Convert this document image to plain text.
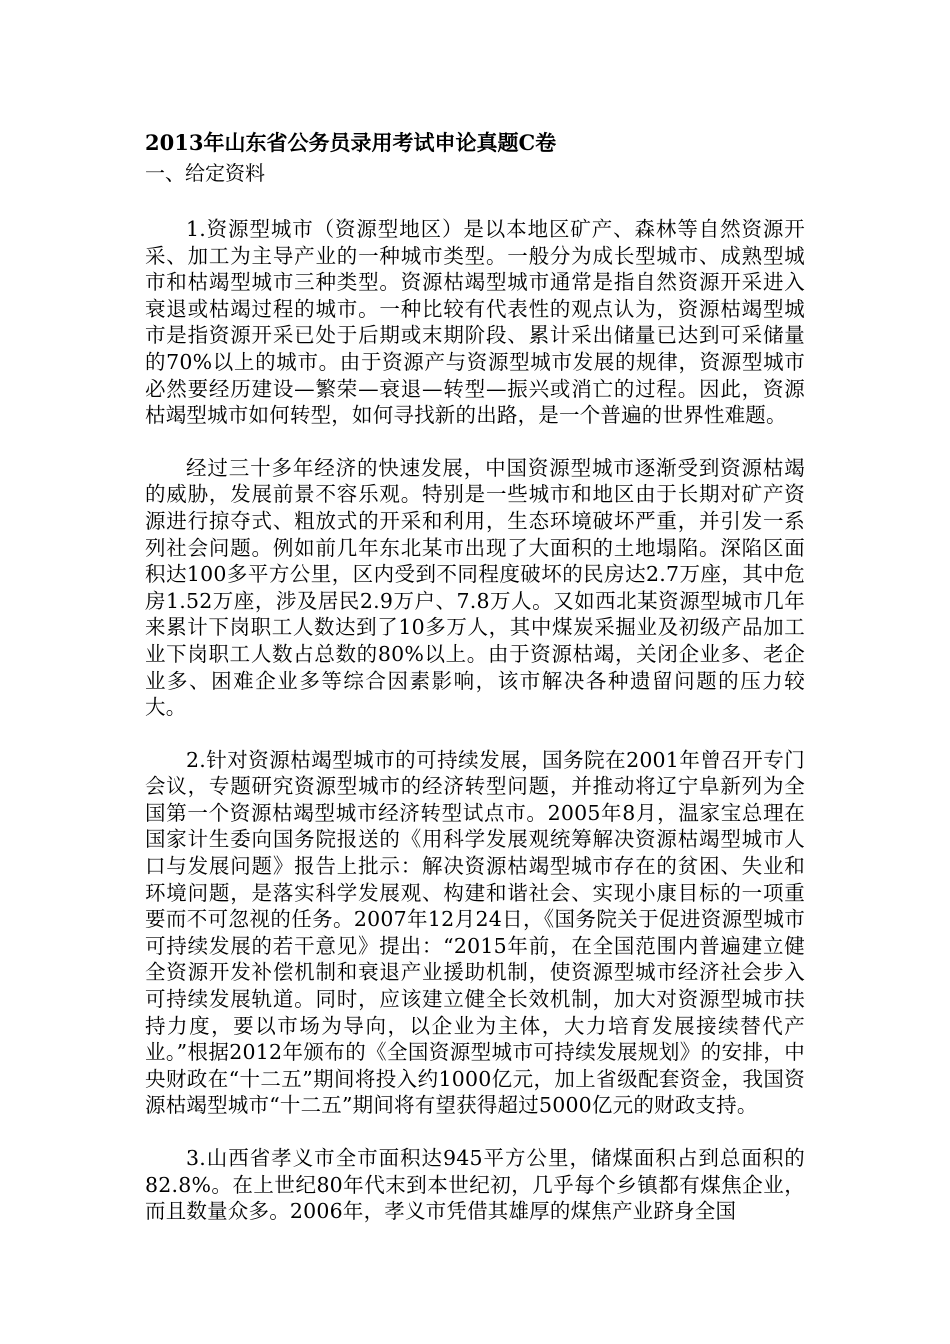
2013年山东省公务员录用考试申论真题C卷
一、给定资料

1.资源型城市（资源型地区）是以本地区矿产、森林等自然资源开采、加工为主导产业的一种城市类型。一般分为成长型城市、成熟型城市和枯竭型城市三种类型。资源枯竭型城市通常是指自然资源开采进入衰退或枯竭过程的城市。一种比较有代表性的观点认为，资源枯竭型城市是指资源开采已处于后期或末期阶段、累计采出储量已达到可采储量的70%以上的城市。由于资源产与资源型城市发展的规律，资源型城市必然要经历建设—繁荣—衰退—转型—振兴或消亡的过程。因此，资源枯竭型城市如何转型，如何寻找新的出路，是一个普遍的世界性难题。

经过三十多年经济的快速发展，中国资源型城市逐渐受到资源枯竭的威胁，发展前景不容乐观。特别是一些城市和地区由于长期对矿产资源进行掠夺式、粗放式的开采和利用，生态环境破坏严重，并引发一系列社会问题。例如前几年东北某市出现了大面积的土地塌陷。深陷区面积达100多平方公里，区内受到不同程度破坏的民房达2.7万座，其中危房1.52万座，涉及居民2.9万户、7.8万人。又如西北某资源型城市几年来累计下岗职工人数达到了10多万人，其中煤炭采掘业及初级产品加工业下岗职工人数占总数的80%以上。由于资源枯竭，关闭企业多、老企业多、困难企业多等综合因素影响，该市解决各种遗留问题的压力较大。

2.针对资源枯竭型城市的可持续发展，国务院在2001年曾召开专门会议，专题研究资源型城市的经济转型问题，并推动将辽宁阜新列为全国第一个资源枯竭型城市经济转型试点市。2005年8月，温家宝总理在国家计生委向国务院报送的《用科学发展观统筹解决资源枯竭型城市人口与发展问题》报告上批示：解决资源枯竭型城市存在的贫困、失业和环境问题，是落实科学发展观、构建和谐社会、实现小康目标的一项重要而不可忽视的任务。2007年12月24日，《国务院关于促进资源型城市可持续发展的若干意见》提出：“2015年前，在全国范围内普遍建立健全资源开发补偿机制和衰退产业援助机制，使资源型城市经济社会步入可持续发展轨道。同时，应该建立健全长效机制，加大对资源型城市扶持力度，要以市场为导向，以企业为主体，大力培育发展接续替代产业。”根据2012年颁布的《全国资源型城市可持续发展规划》的安排，中央财政在“十二五”期间将投入约1000亿元，加上省级配套资金，我国资源枯竭型城市“十二五”期间将有望获得超过5000亿元的财政支持。

3.山西省孝义市全市面积达945平方公里，储煤面积占到总面积的82.8%。在上世纪80年代末到本世纪初，几乎每个乡镇都有煤焦企业，而且数量众多。2006年，孝义市凭借其雄厚的煤焦产业跻身全国
